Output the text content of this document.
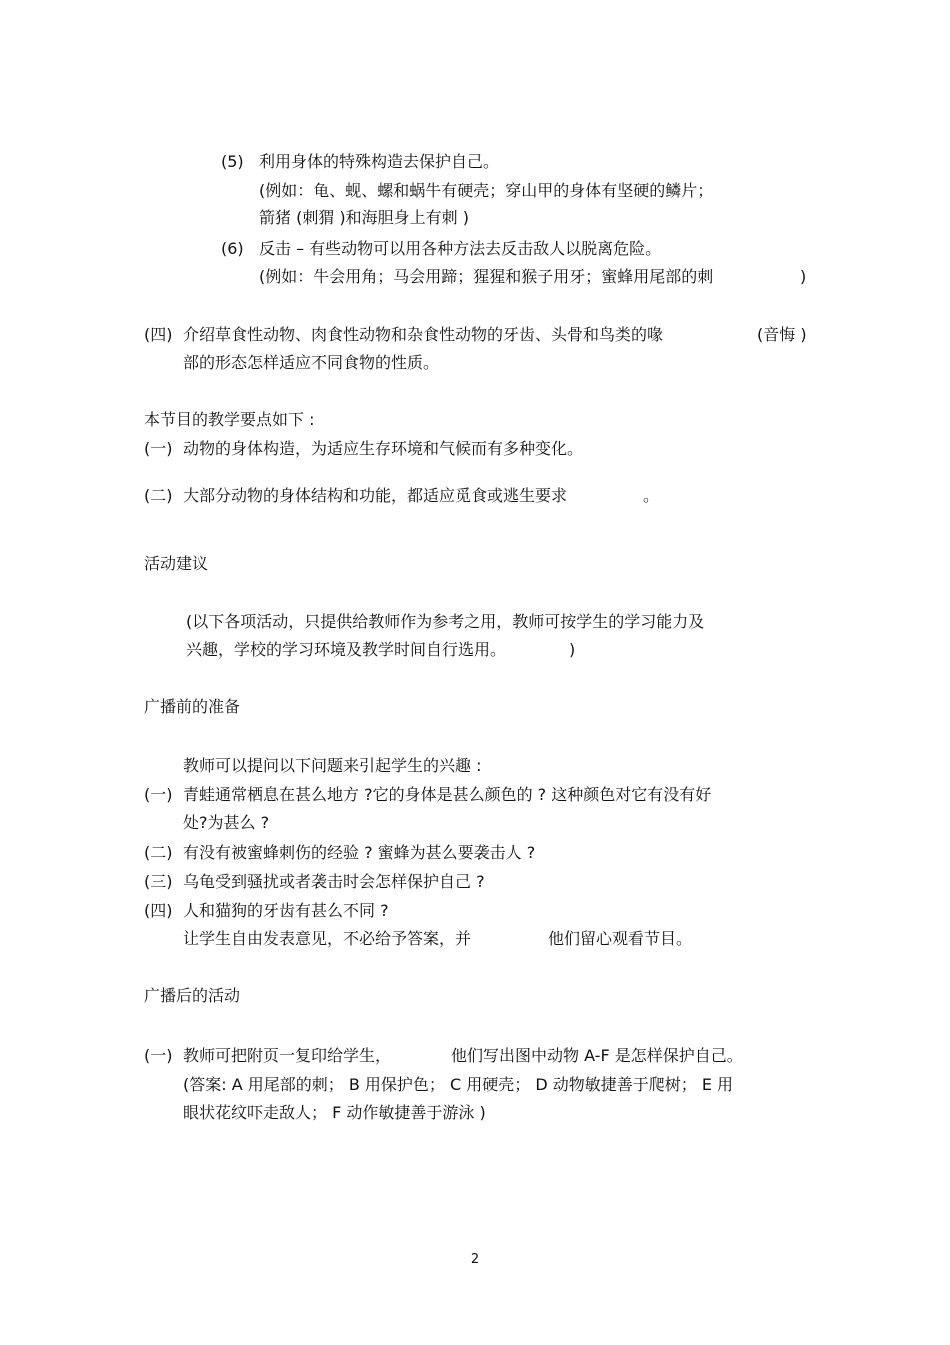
(5) 利用身体的特殊构造去保护自己。
(例如：龟、蚬、螺和蜗牛有硬壳；穿山甲的身体有坚硬的鳞片；
箭猪 (刺猬 )和海胆身上有刺 )
(6) 反击 – 有些动物可以用各种方法去反击敌人以脱离危险。
(例如：牛会用角；马会用蹄；猩猩和猴子用牙；蜜蜂用尾部的刺	)
(四) 介绍草食性动物、肉食性动物和杂食性动物的牙齿、头骨和鸟类的喙	(音悔 )
部的形态怎样适应不同食物的性质。
本节目的教学要点如下 :
(一) 动物的身体构造，为适应生存环境和气候而有多种变化。
(二) 大部分动物的身体结构和功能，都适应觅食或逃生要求	。
活动建议
(以下各项活动，只提供给教师作为参考之用，教师可按学生的学习能力及
兴趣，学校的学习环境及教学时间自行选用。	)
广播前的准备
教师可以提问以下问题来引起学生的兴趣 :
(一) 青蛙通常栖息在甚么地方 ?它的身体是甚么颜色的 ? 这种颜色对它有没有好
处?为甚么 ?
(二) 有没有被蜜蜂刺伤的经验 ? 蜜蜂为甚么要袭击人 ?
(三) 乌龟受到骚扰或者袭击时会怎样保护自己 ?
(四) 人和猫狗的牙齿有甚么不同 ?
让学生自由发表意见，不必给予答案，并	他们留心观看节目。
广播后的活动
(一) 教师可把附页一复印给学生，	他们写出图中动物 A-F 是怎样保护自己。
(答案: A 用尾部的刺； B 用保护色； C 用硬壳； D 动物敏捷善于爬树； E 用
眼状花纹吓走敌人； F 动作敏捷善于游泳 )
2
